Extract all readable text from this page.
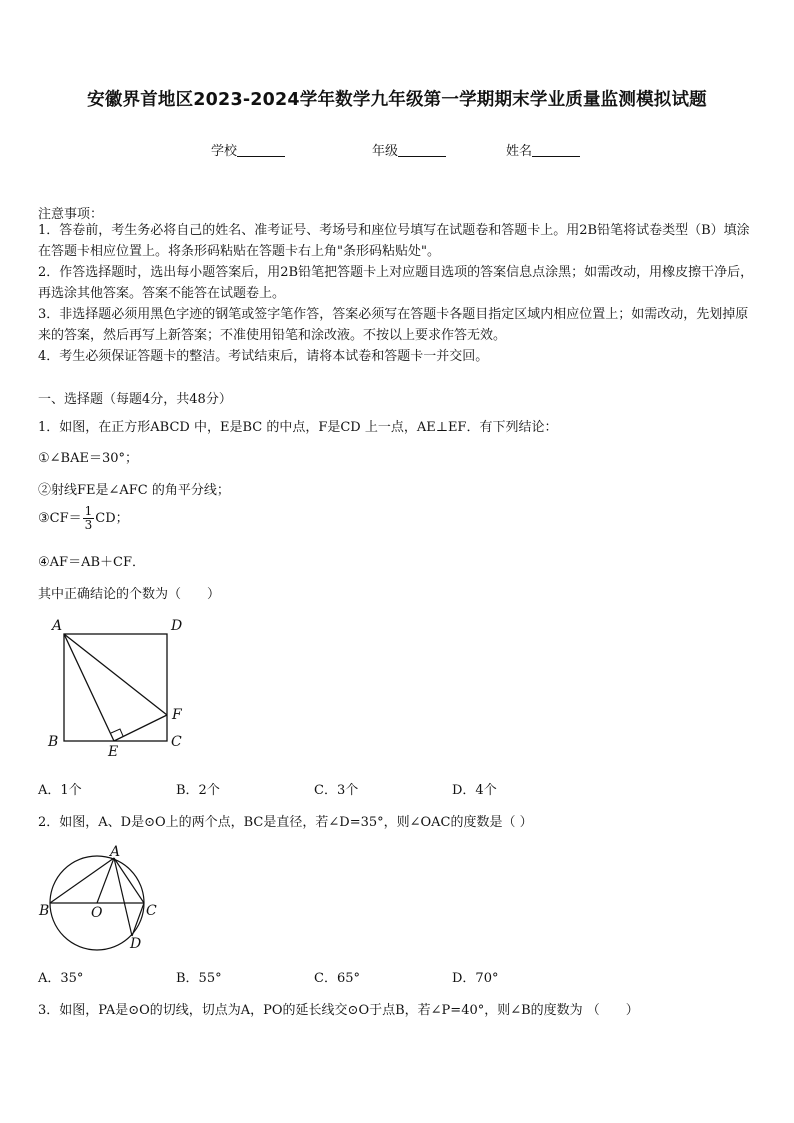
安徽界首地区2023-2024学年数学九年级第一学期期末学业质量监测模拟试题
学校	年级	姓名
注意事项：
1．答卷前，考生务必将自己的姓名、准考证号、考场号和座位号填写在试题卷和答题卡上。用2B铅笔将试卷类型（B）填涂在答题卡相应位置上。将条形码粘贴在答题卡右上角"条形码粘贴处"。
2．作答选择题时，选出每小题答案后，用2B铅笔把答题卡上对应题目选项的答案信息点涂黑；如需改动，用橡皮擦干净后，再选涂其他答案。答案不能答在试题卷上。
3．非选择题必须用黑色字迹的钢笔或签字笔作答，答案必须写在答题卡各题目指定区域内相应位置上；如需改动，先划掉原来的答案，然后再写上新答案；不准使用铅笔和涂改液。不按以上要求作答无效。
4．考生必须保证答题卡的整洁。考试结束后，请将本试卷和答题卡一并交回。
一、选择题（每题4分，共48分）
1．如图，在正方形ABCD 中，E是BC 的中点，F是CD 上一点，AE⊥EF．有下列结论：
①∠BAE＝30°；
②射线FE是∠AFC 的角平分线；
③CF＝ $\frac{1}{3}$ CD；
④AF＝AB＋CF．
其中正确结论的个数为（　　）
A	D
B	C
F
E
A．1个	B．2个	C．3个	D．4个
2．如图，A、D是⊙O上的两个点，BC是直径，若∠D=35°，则∠OAC的度数是（ ）
A
B	C
O
D
A．35°	B．55°	C．65°	D．70°
3．如图，PA是⊙O的切线，切点为A，PO的延长线交⊙O于点B，若∠P=40°，则∠B的度数为 （　　）
